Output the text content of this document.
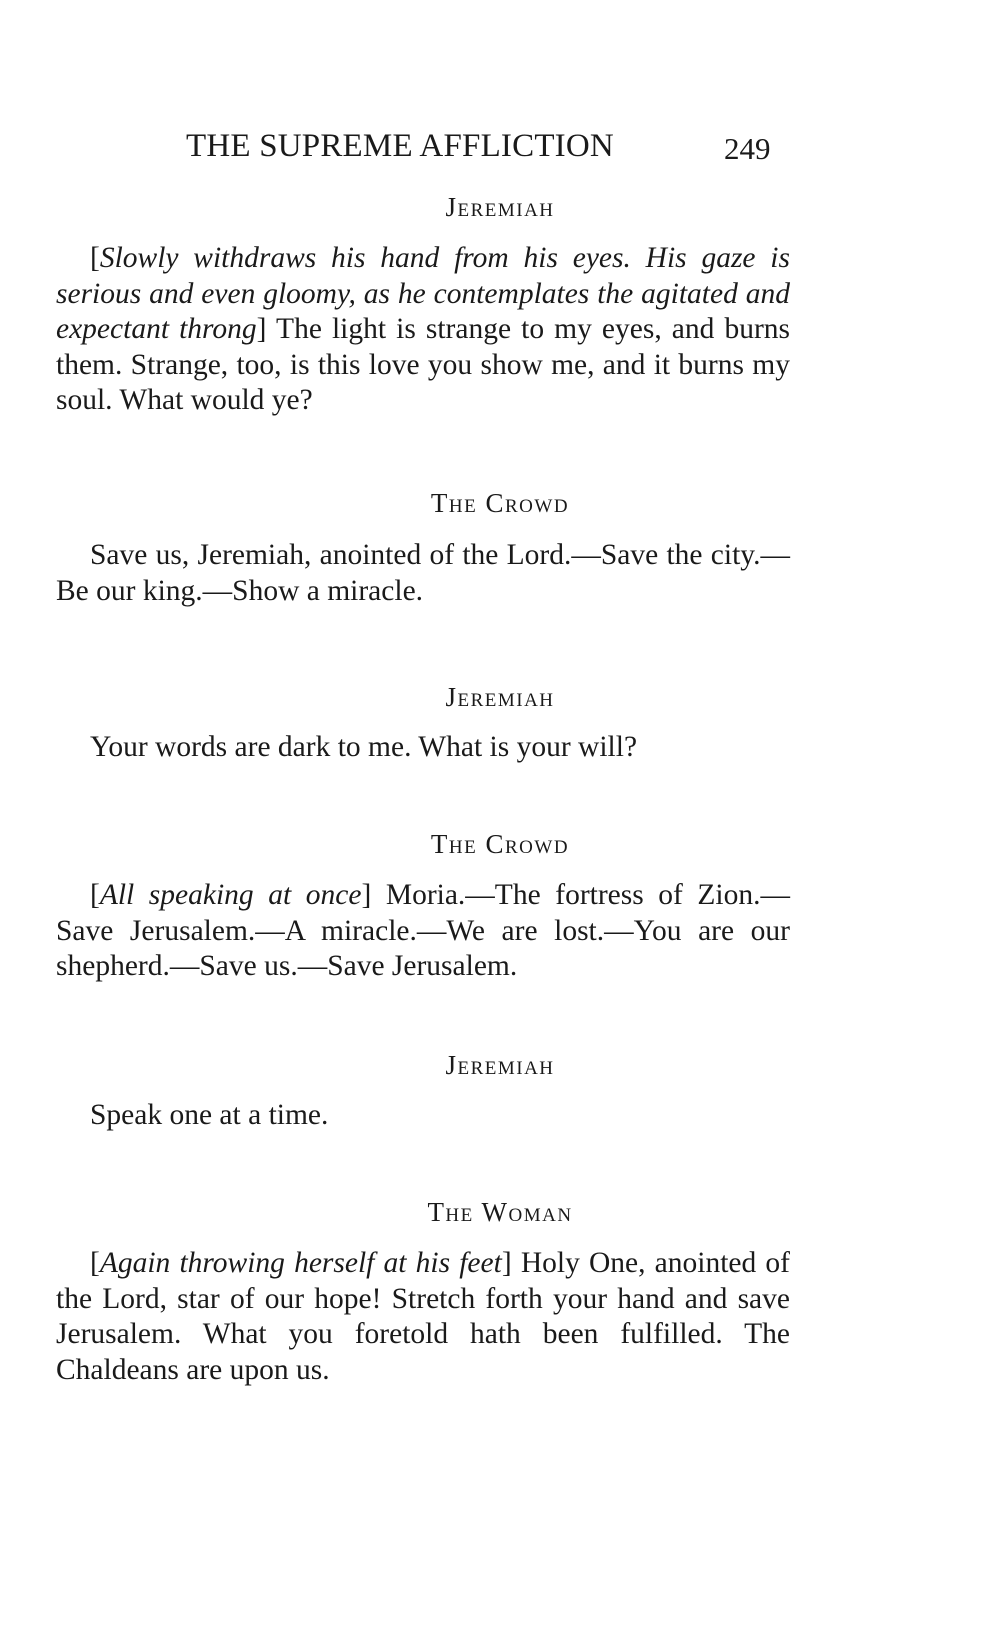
THE SUPREME AFFLICTION	249
Jeremiah

[Slowly withdraws his hand from his eyes. His gaze is serious and even gloomy, as he contemplates the agitated and expectant throng] The light is strange to my eyes, and burns them. Strange, too, is this love you show me, and it burns my soul. What would ye?

The Crowd

Save us, Jeremiah, anointed of the Lord.—Save the city.—Be our king.—Show a miracle.

Jeremiah

Your words are dark to me. What is your will?

The Crowd

[All speaking at once] Moria.—The fortress of Zion.—Save Jerusalem.—A miracle.—We are lost.—You are our shepherd.—Save us.—Save Jerusalem.

Jeremiah

Speak one at a time.

The Woman

[Again throwing herself at his feet] Holy One, anointed of the Lord, star of our hope! Stretch forth your hand and save Jerusalem. What you foretold hath been fulfilled. The Chaldeans are upon us.
